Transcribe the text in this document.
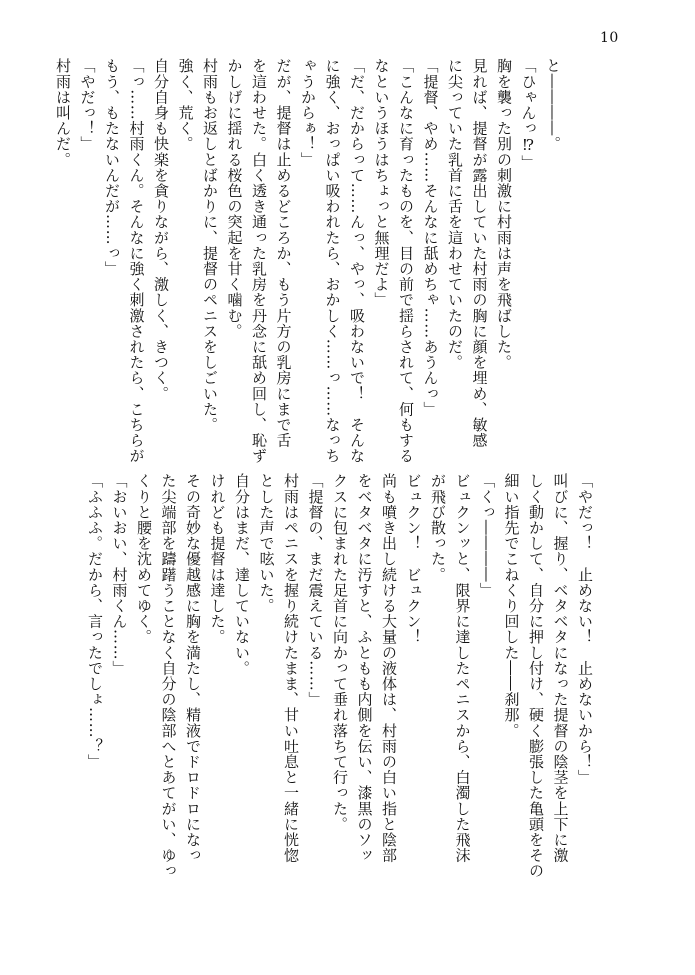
10
と――――。
「ひゃんっ⁉」
胸を襲った別の刺激に村雨は声を飛ばした。
見れば、提督が露出していた村雨の胸に顔を埋め、敏感
に尖っていた乳首に舌を這わせていたのだ。
「提督、やめ……そんなに舐めちゃ……あうんっ」
「こんなに育ったものを、目の前で揺らされて、何もする
なというほうはちょっと無理だよ」
「だ、だからって……んっ、やっ、吸わないで！　そんな
に強く、おっぱい吸われたら、おかしく……っ……なっち
ゃうからぁ！」
だが、提督は止めるどころか、もう片方の乳房にまで舌
を這わせた。白く透き通った乳房を丹念に舐め回し、恥ず
かしげに揺れる桜色の突起を甘く噛む。
村雨もお返しとばかりに、提督のペニスをしごいた。
強く、荒く。
自分自身も快楽を貪りながら、激しく、きつく。
「っ……村雨くん。そんなに強く刺激されたら、こちらが
もう、もたないんだが……っ」
「やだっ！」
村雨は叫んだ。
「やだっ！　止めない！　止めないから！」
叫びに、握り、ベタベタになった提督の陰茎を上下に激
しく動かして、自分に押し付け、硬く膨張した亀頭をその
細い指先でこねくり回した――刹那。
「くっ――――」
ビュクンッと、限界に達したペニスから、白濁した飛沫
が飛び散った。
ビュクン！　ビュクン！
尚も噴き出し続ける大量の液体は、村雨の白い指と陰部
をベタベタに汚すと、ふともも内側を伝い、漆黒のソッ
クスに包まれた足首に向かって垂れ落ちて行った。
「提督の、まだ震えている……」
村雨はペニスを握り続けたまま、甘い吐息と一緒に恍惚
とした声で呟いた。
自分はまだ、達していない。
けれども提督は達した。
その奇妙な優越感に胸を満たし、精液でドロドロになっ
た尖端部を躊躇うことなく自分の陰部へとあてがい、ゆっ
くりと腰を沈めてゆく。
「おいおい、村雨くん……」
「ふふふ。だから、言ったでしょ……？」
